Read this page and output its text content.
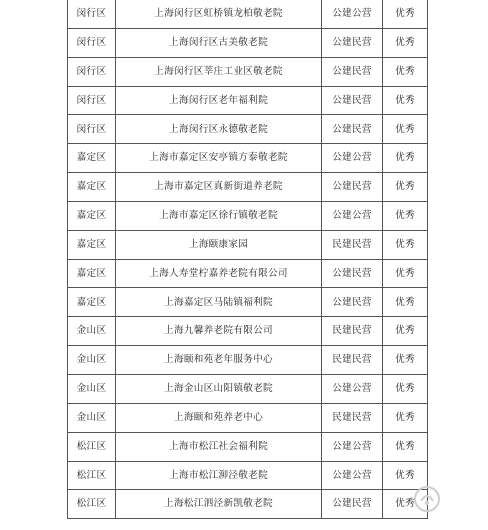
闵行区	上海闵行区虹桥镇龙柏敬老院	公建公营	优秀
闵行区	上海闵行区古美敬老院	公建民营	优秀
闵行区	上海闵行区莘庄工业区敬老院	公建民营	优秀
闵行区	上海闵行区老年福利院	公建民营	优秀
闵行区	上海闵行区永德敬老院	公建民营	优秀
嘉定区	上海市嘉定区安亭镇方泰敬老院	公建公营	优秀
嘉定区	上海市嘉定区真新街道养老院	公建民营	优秀
嘉定区	上海市嘉定区徐行镇敬老院	公建公营	优秀
嘉定区	上海颐康家园	民建民营	优秀
嘉定区	上海人寿堂柠嘉养老院有限公司	公建民营	优秀
嘉定区	上海嘉定区马陆镇福利院	公建民营	优秀
金山区	上海九馨养老院有限公司	民建民营	优秀
金山区	上海颐和苑老年服务中心	民建民营	优秀
金山区	上海金山区山阳镇敬老院	公建公营	优秀
金山区	上海颐和苑养老中心	民建民营	优秀
松江区	上海市松江社会福利院	公建公营	优秀
松江区	上海市松江泖泾敬老院	公建公营	优秀
松江区	上海松江泗泾新凯敬老院	公建民营	优秀
